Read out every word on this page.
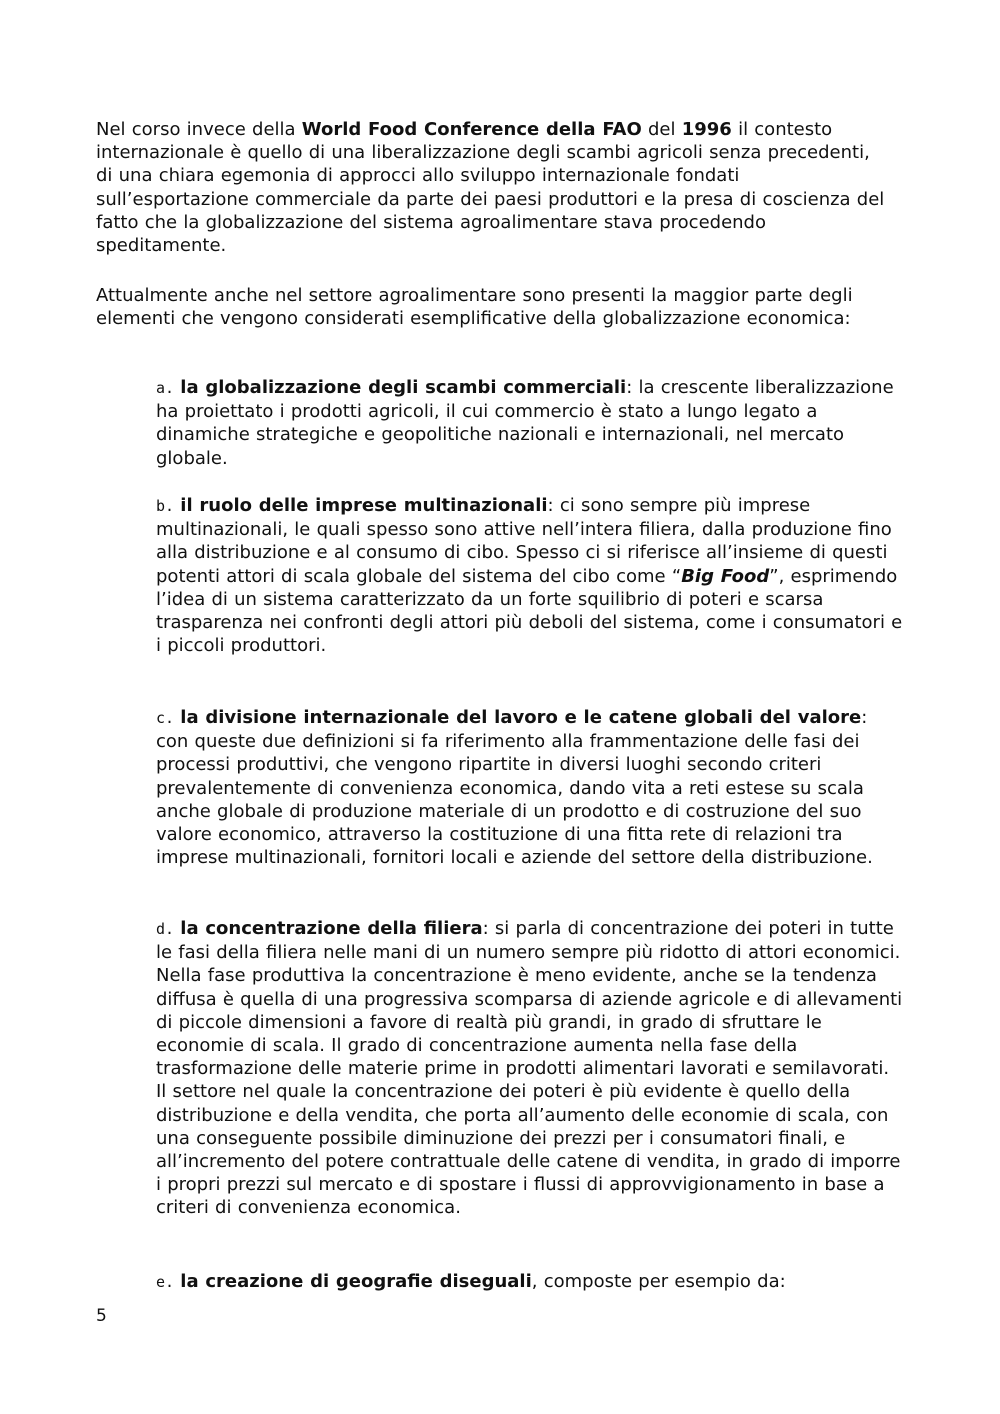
Nel corso invece della World Food Conference della FAO del 1996 il contesto internazionale è quello di una liberalizzazione degli scambi agricoli senza precedenti, di una chiara egemonia di approcci allo sviluppo internazionale fondati sull’esportazione commerciale da parte dei paesi produttori e la presa di coscienza del fatto che la globalizzazione del sistema agroalimentare stava procedendo speditamente.

Attualmente anche nel settore agroalimentare sono presenti la maggior parte degli elementi che vengono considerati esemplificative della globalizzazione economica:

a. la globalizzazione degli scambi commerciali: la crescente liberalizzazione ha proiettato i prodotti agricoli, il cui commercio è stato a lungo legato a dinamiche strategiche e geopolitiche nazionali e internazionali, nel mercato globale.

b. il ruolo delle imprese multinazionali: ci sono sempre più imprese multinazionali, le quali spesso sono attive nell’intera filiera, dalla produzione fino alla distribuzione e al consumo di cibo. Spesso ci si riferisce all’insieme di questi potenti attori di scala globale del sistema del cibo come “Big Food”, esprimendo l’idea di un sistema caratterizzato da un forte squilibrio di poteri e scarsa trasparenza nei confronti degli attori più deboli del sistema, come i consumatori e i piccoli produttori.

c. la divisione internazionale del lavoro e le catene globali del valore: con queste due definizioni si fa riferimento alla frammentazione delle fasi dei processi produttivi, che vengono ripartite in diversi luoghi secondo criteri prevalentemente di convenienza economica, dando vita a reti estese su scala anche globale di produzione materiale di un prodotto e di costruzione del suo valore economico, attraverso la costituzione di una fitta rete di relazioni tra imprese multinazionali, fornitori locali e aziende del settore della distribuzione.

d. la concentrazione della filiera: si parla di concentrazione dei poteri in tutte le fasi della filiera nelle mani di un numero sempre più ridotto di attori economici. Nella fase produttiva la concentrazione è meno evidente, anche se la tendenza diffusa è quella di una progressiva scomparsa di aziende agricole e di allevamenti di piccole dimensioni a favore di realtà più grandi, in grado di sfruttare le economie di scala. Il grado di concentrazione aumenta nella fase della trasformazione delle materie prime in prodotti alimentari lavorati e semilavorati. Il settore nel quale la concentrazione dei poteri è più evidente è quello della distribuzione e della vendita, che porta all’aumento delle economie di scala, con una conseguente possibile diminuzione dei prezzi per i consumatori finali, e all’incremento del potere contrattuale delle catene di vendita, in grado di imporre i propri prezzi sul mercato e di spostare i flussi di approvvigionamento in base a criteri di convenienza economica.

e. la creazione di geografie diseguali, composte per esempio da:

5
